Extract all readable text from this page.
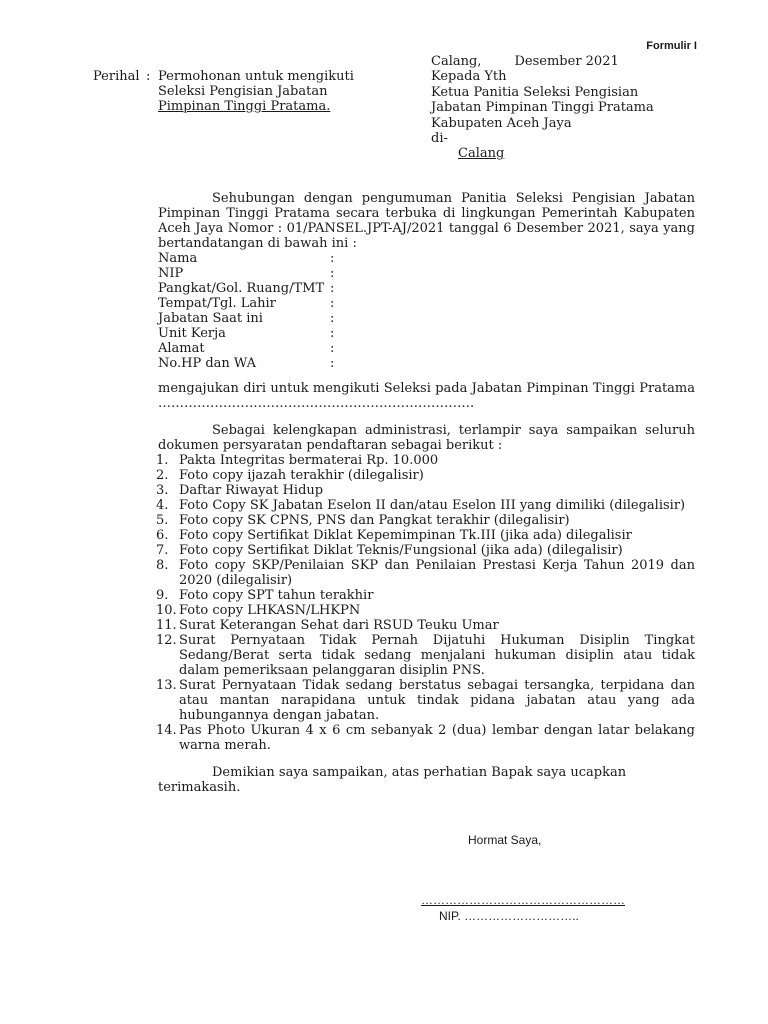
Formulir I
Perihal : Permohonan untuk mengikuti
Seleksi Pengisian Jabatan
Pimpinan Tinggi Pratama.
Calang,        Desember 2021
Kepada Yth
Ketua Panitia Seleksi Pengisian
Jabatan Pimpinan Tinggi Pratama
Kabupaten Aceh Jaya
di-
Calang
Sehubungan dengan pengumuman Panitia Seleksi Pengisian Jabatan Pimpinan Tinggi Pratama secara terbuka di lingkungan Pemerintah Kabupaten Aceh Jaya Nomor : 01/PANSEL.JPT-AJ/2021 tanggal 6 Desember 2021, saya yang bertandatangan di bawah ini :
Nama	:
NIP	:
Pangkat/Gol. Ruang/TMT :
Tempat/Tgl. Lahir	:
Jabatan Saat ini	:
Unit Kerja	:
Alamat	:
No.HP dan WA	:
mengajukan diri untuk mengikuti Seleksi pada Jabatan Pimpinan Tinggi Pratama ……………………………………………………………….
Sebagai kelengkapan administrasi, terlampir saya sampaikan seluruh dokumen persyaratan pendaftaran sebagai berikut :
1. Pakta Integritas bermaterai Rp. 10.000
2. Foto copy ijazah terakhir (dilegalisir)
3. Daftar Riwayat Hidup
4. Foto Copy SK Jabatan Eselon II dan/atau Eselon III yang dimiliki (dilegalisir)
5. Foto copy SK CPNS, PNS dan Pangkat terakhir (dilegalisir)
6. Foto copy Sertifikat Diklat Kepemimpinan Tk.III (jika ada) dilegalisir
7. Foto copy Sertifikat Diklat Teknis/Fungsional (jika ada) (dilegalisir)
8. Foto copy SKP/Penilaian SKP dan Penilaian Prestasi Kerja Tahun 2019 dan 2020 (dilegalisir)
9. Foto copy SPT tahun terakhir
10. Foto copy LHKASN/LHKPN
11. Surat Keterangan Sehat dari RSUD Teuku Umar
12. Surat Pernyataan Tidak Pernah Dijatuhi Hukuman Disiplin Tingkat Sedang/Berat serta tidak sedang menjalani hukuman disiplin atau tidak dalam pemeriksaan pelanggaran disiplin PNS.
13. Surat Pernyataan Tidak sedang berstatus sebagai tersangka, terpidana dan atau mantan narapidana untuk tindak pidana jabatan atau yang ada hubungannya dengan jabatan.
14. Pas Photo Ukuran 4 x 6 cm sebanyak 2 (dua) lembar dengan latar belakang warna merah.
Demikian saya sampaikan, atas perhatian Bapak saya ucapkan terimakasih.
Hormat Saya,
……………………………………………
NIP. ………………………..
